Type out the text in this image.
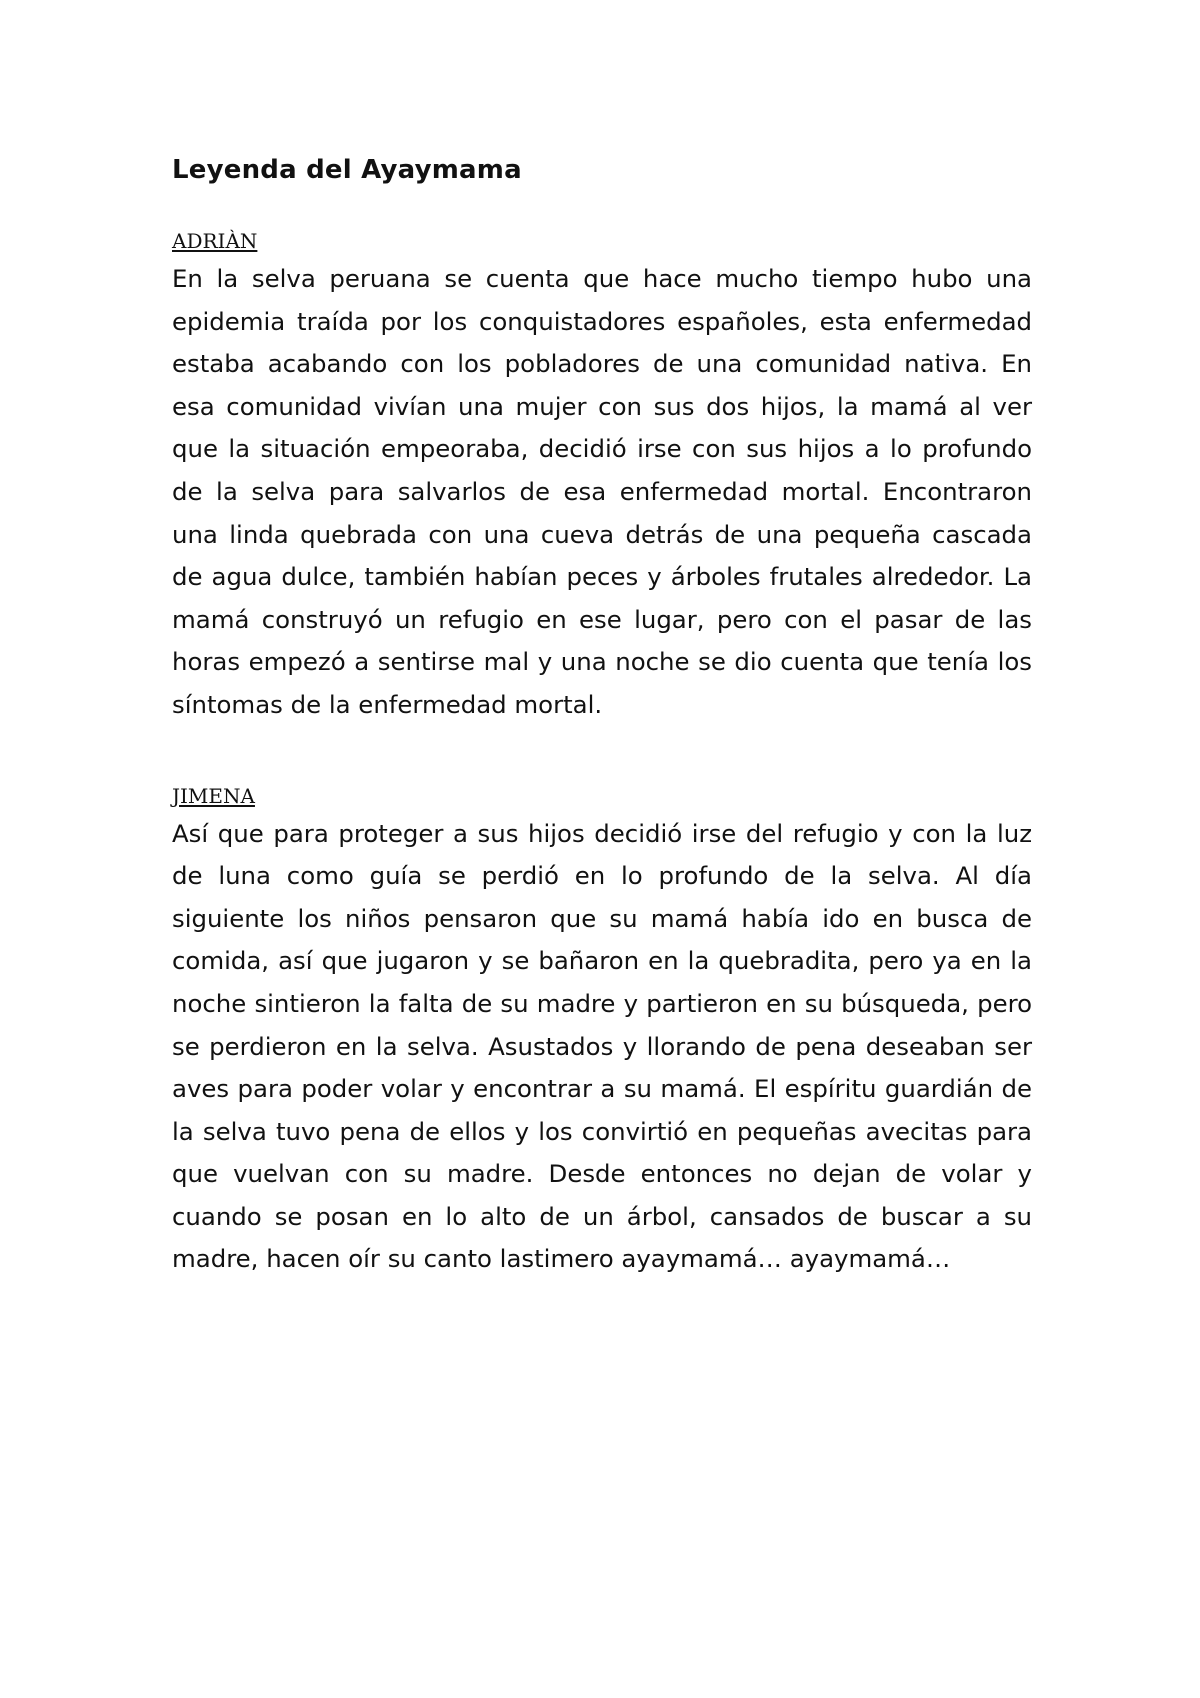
Leyenda del Ayaymama
ADRIÀN

En la selva peruana se cuenta que hace mucho tiempo hubo una epidemia traída por los conquistadores españoles, esta enfermedad estaba acabando con los pobladores de una comunidad nativa. En esa comunidad vivían una mujer con sus dos hijos, la mamá al ver que la situación empeoraba, decidió irse con sus hijos a lo profundo de la selva para salvarlos de esa enfermedad mortal. Encontraron una linda quebrada con una cueva detrás de una pequeña cascada de agua dulce, también habían peces y árboles frutales alrededor. La mamá construyó un refugio en ese lugar, pero con el pasar de las horas empezó a sentirse mal y una noche se dio cuenta que tenía los síntomas de la enfermedad mortal.

JIMENA

Así que para proteger a sus hijos decidió irse del refugio y con la luz de luna como guía se perdió en lo profundo de la selva. Al día siguiente los niños pensaron que su mamá había ido en busca de comida, así que jugaron y se bañaron en la quebradita, pero ya en la noche sintieron la falta de su madre y partieron en su búsqueda, pero se perdieron en la selva. Asustados y llorando de pena deseaban ser aves para poder volar y encontrar a su mamá. El espíritu guardián de la selva tuvo pena de ellos y los convirtió en pequeñas avecitas para que vuelvan con su madre. Desde entonces no dejan de volar y cuando se posan en lo alto de un árbol, cansados de buscar a su madre, hacen oír su canto lastimero ayaymamá… ayaymamá…
